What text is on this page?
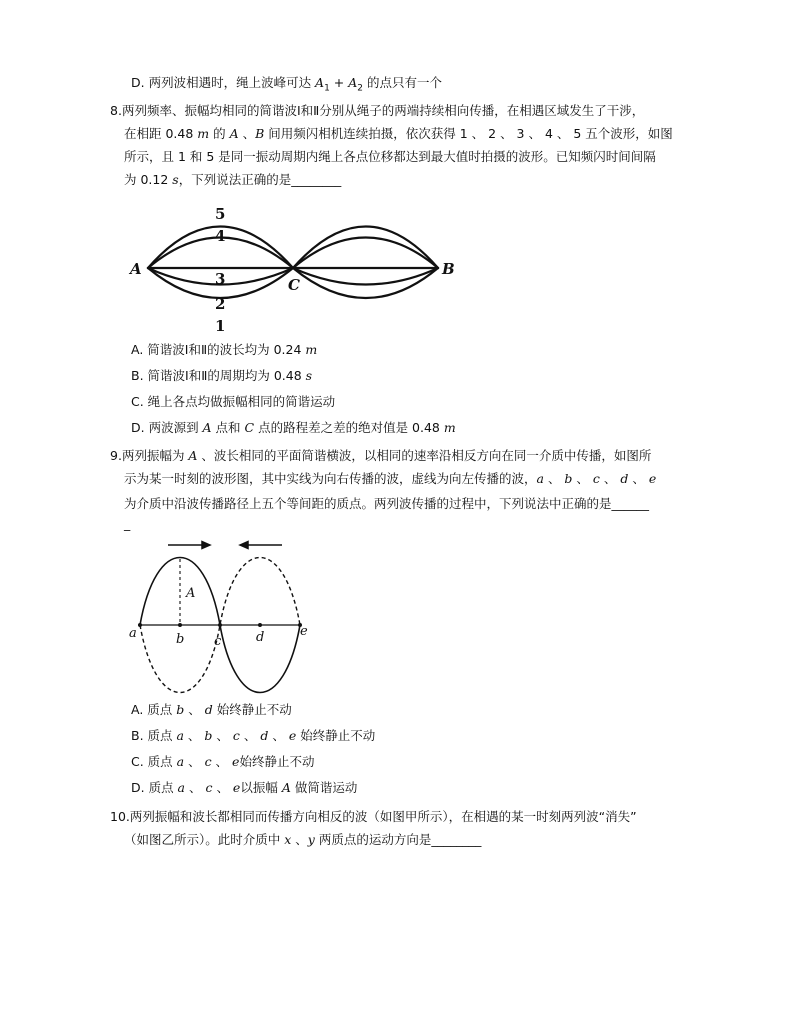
D. 两列波相遇时，绳上波峰可达 $A_1 + A_2$ 的点只有一个
8.两列频率、振幅均相同的简谐波Ⅰ和Ⅱ分别从绳子的两端持续相向传播，在相遇区域发生了干涉，
在相距 0.48 m 的 A 、B 间用频闪相机连续拍摄，依次获得 1 、 2 、 3 、 4 、 5 五个波形，如图
所示，且 1 和 5 是同一振动周期内绳上各点位移都达到最大值时拍摄的波形。已知频闪时间间隔
为 0.12 s，下列说法正确的是________
A	B
C
5
4
3
2
1
A. 简谐波Ⅰ和Ⅱ的波长均为 0.24 m
B. 简谐波Ⅰ和Ⅱ的周期均为 0.48 s
C. 绳上各点均做振幅相同的简谐运动
D. 两波源到 A 点和 C 点的路程差之差的绝对值是 0.48 m
9.两列振幅为 A 、波长相同的平面简谐横波，以相同的速率沿相反方向在同一介质中传播，如图所
示为某一时刻的波形图，其中实线为向右传播的波，虚线为向左传播的波，a 、 b 、 c 、 d 、 e
为介质中沿波传播路径上五个等间距的质点。两列波传播的过程中，下列说法中正确的是______
_
A
a	b c	d	e
A. 质点 b 、 d 始终静止不动
B. 质点 a 、 b 、 c 、 d 、 e 始终静止不动
C. 质点 a 、 c 、 e始终静止不动
D. 质点 a 、 c 、 e以振幅 A 做简谐运动
10.两列振幅和波长都相同而传播方向相反的波（如图甲所示），在相遇的某一时刻两列波“消失”
（如图乙所示）。此时介质中 x 、y 两质点的运动方向是________
